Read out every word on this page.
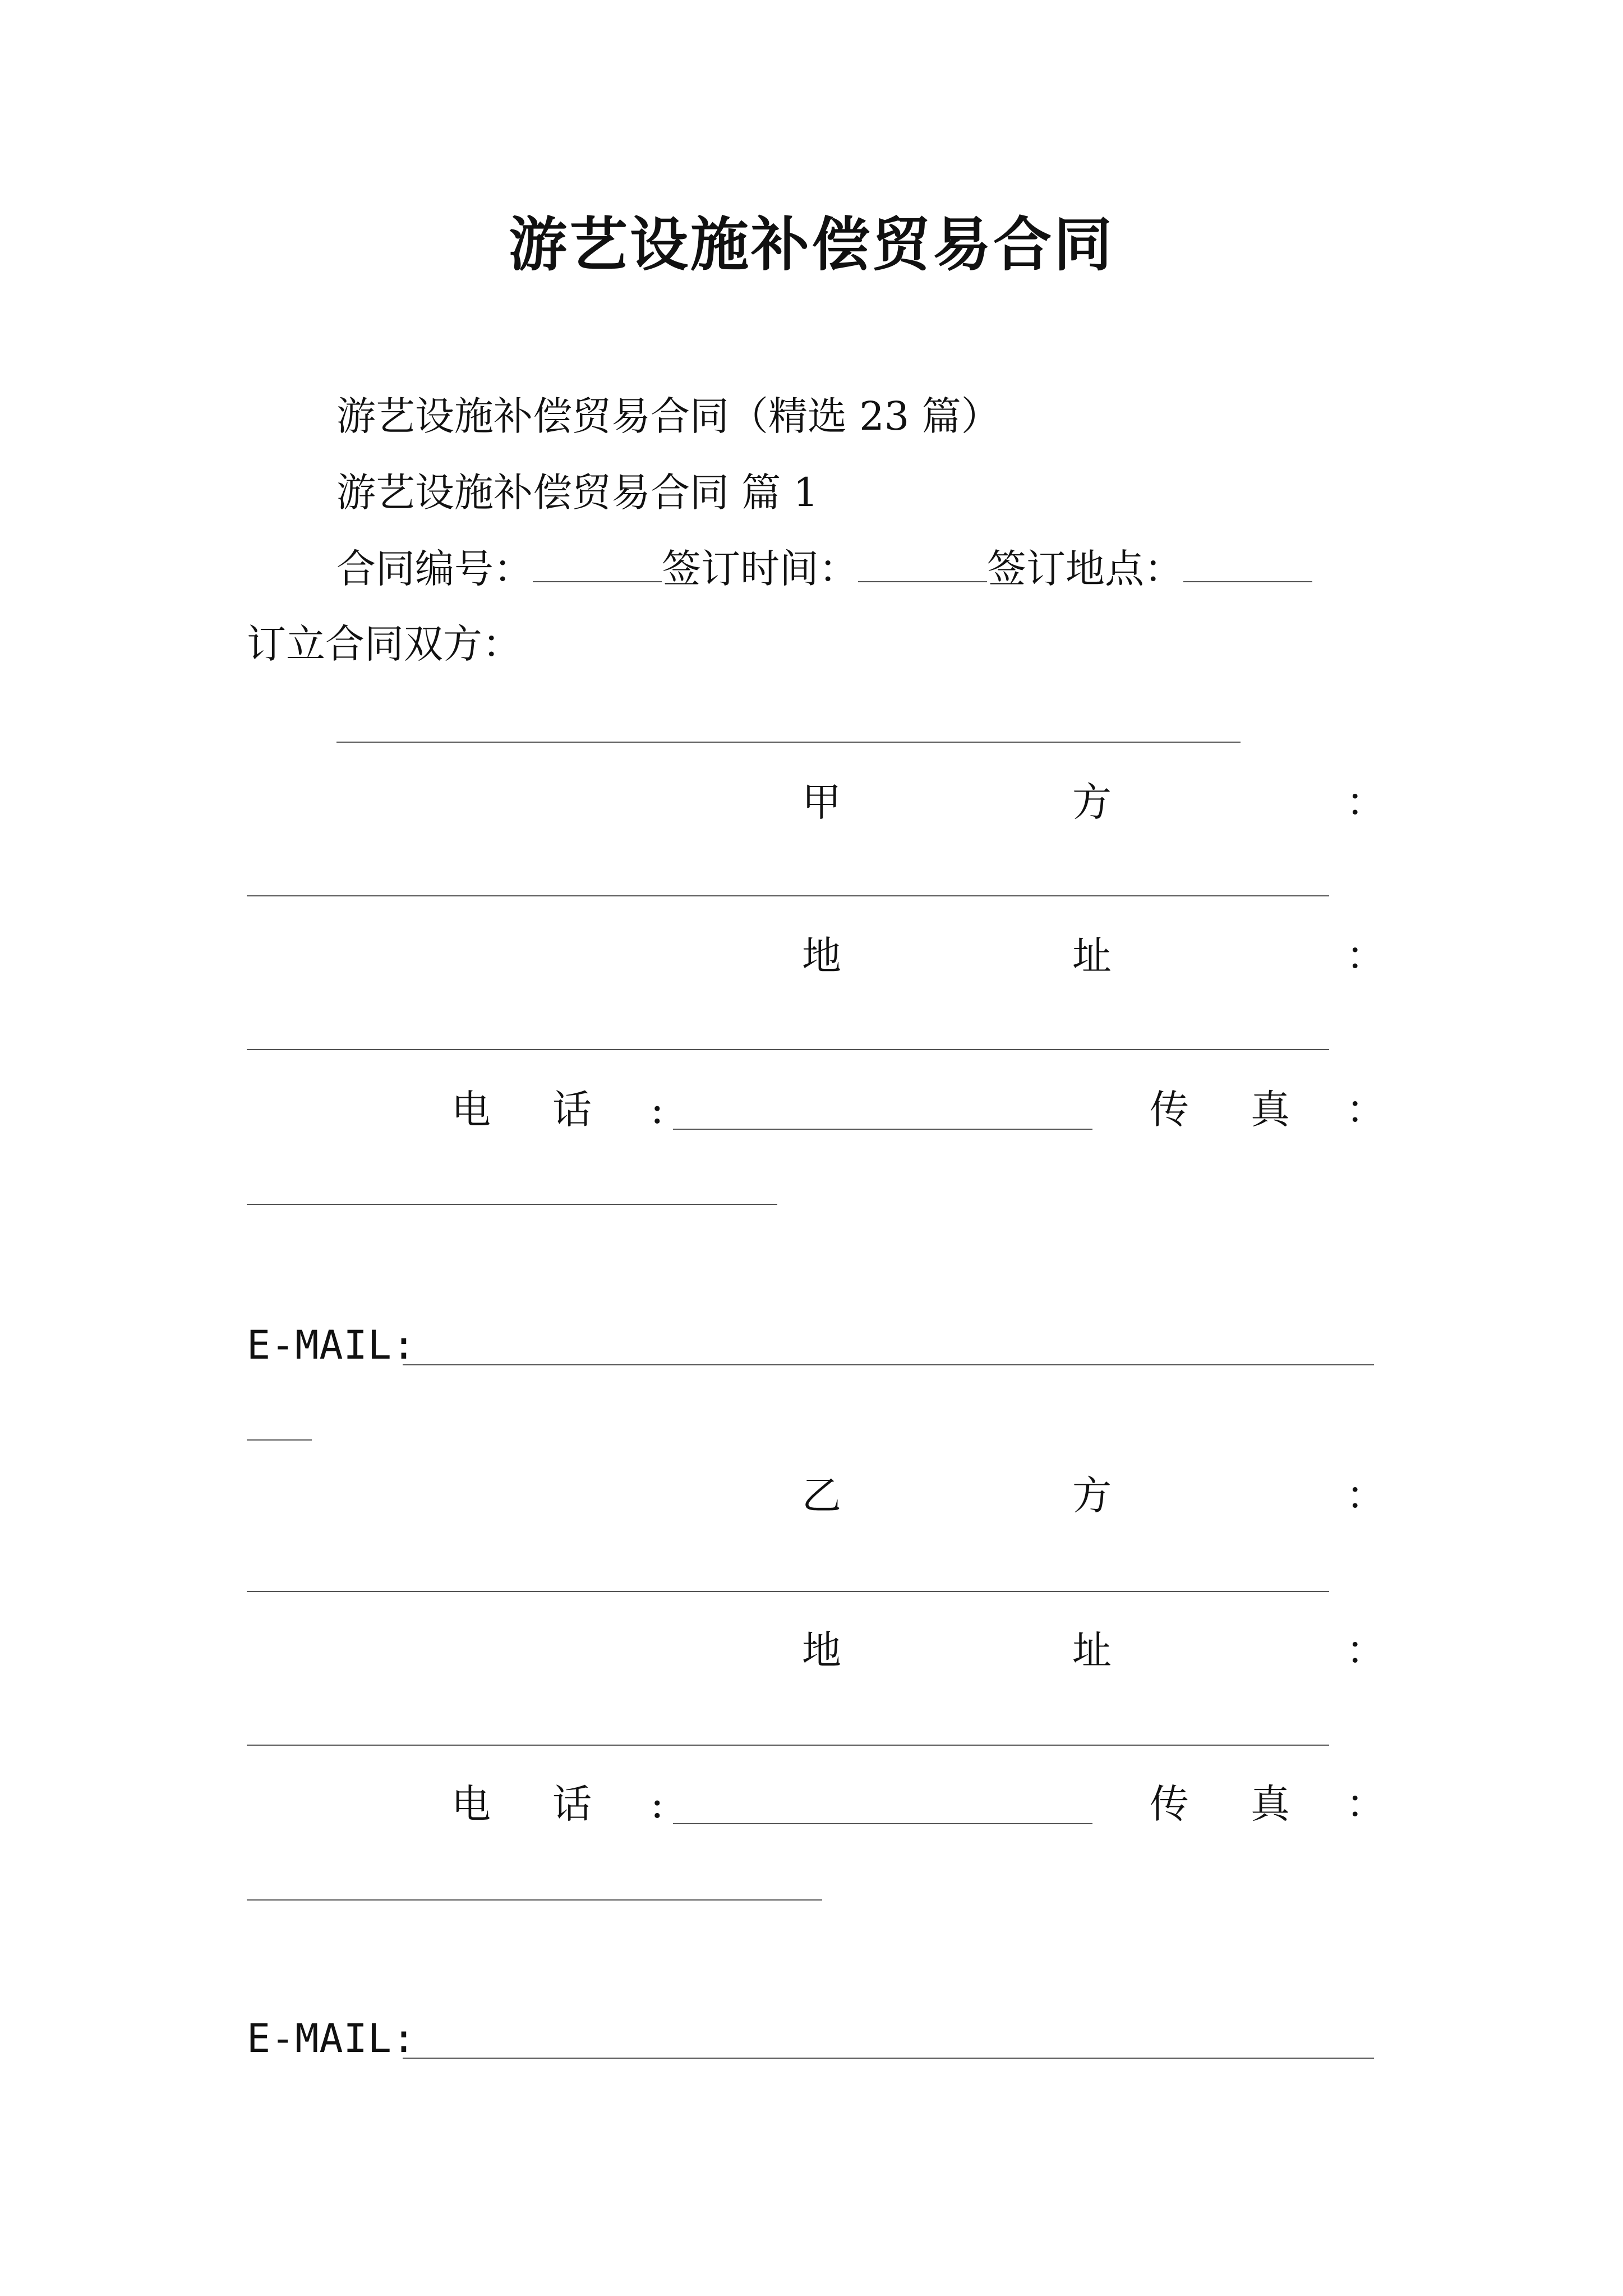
游艺设施补偿贸易合同
游艺设施补偿贸易合同（精选 23 篇）
游艺设施补偿贸易合同 篇 1
合同编号：	签订时间：	签订地点：
订立合同双方：
甲	方	：
地	址	：
电 话 :	传 真 ：
E-MAIL:
乙	方	：
地	址	：
电 话 :	传 真 ：
E-MAIL:
